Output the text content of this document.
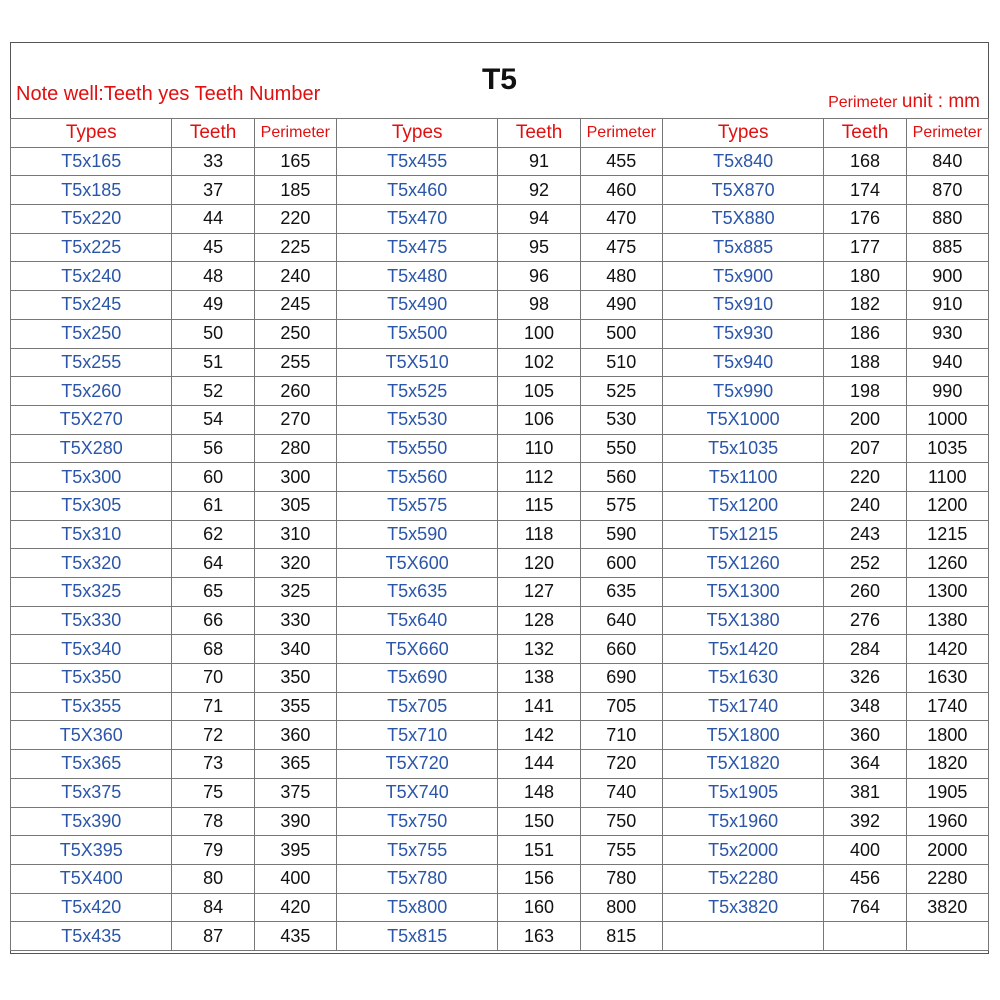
T5
Note well:Teeth yes Teeth Number	Perimeter unit : mm
Types	Teeth	Perimeter	Types	Teeth	Perimeter	Types	Teeth	Perimeter
T5x165	33	165	T5x455	91	455	T5x840	168	840
T5x185	37	185	T5x460	92	460	T5X870	174	870
T5x220	44	220	T5x470	94	470	T5X880	176	880
T5x225	45	225	T5x475	95	475	T5x885	177	885
T5x240	48	240	T5x480	96	480	T5x900	180	900
T5x245	49	245	T5x490	98	490	T5x910	182	910
T5x250	50	250	T5x500	100	500	T5x930	186	930
T5x255	51	255	T5X510	102	510	T5x940	188	940
T5x260	52	260	T5x525	105	525	T5x990	198	990
T5X270	54	270	T5x530	106	530	T5X1000	200	1000
T5X280	56	280	T5x550	110	550	T5x1035	207	1035
T5x300	60	300	T5x560	112	560	T5x1100	220	1100
T5x305	61	305	T5x575	115	575	T5x1200	240	1200
T5x310	62	310	T5x590	118	590	T5x1215	243	1215
T5x320	64	320	T5X600	120	600	T5X1260	252	1260
T5x325	65	325	T5x635	127	635	T5X1300	260	1300
T5x330	66	330	T5x640	128	640	T5X1380	276	1380
T5x340	68	340	T5X660	132	660	T5x1420	284	1420
T5x350	70	350	T5x690	138	690	T5x1630	326	1630
T5x355	71	355	T5x705	141	705	T5x1740	348	1740
T5X360	72	360	T5x710	142	710	T5X1800	360	1800
T5x365	73	365	T5X720	144	720	T5X1820	364	1820
T5x375	75	375	T5X740	148	740	T5x1905	381	1905
T5x390	78	390	T5x750	150	750	T5x1960	392	1960
T5X395	79	395	T5x755	151	755	T5x2000	400	2000
T5X400	80	400	T5x780	156	780	T5x2280	456	2280
T5x420	84	420	T5x800	160	800	T5x3820	764	3820
T5x435	87	435	T5x815	163	815			
